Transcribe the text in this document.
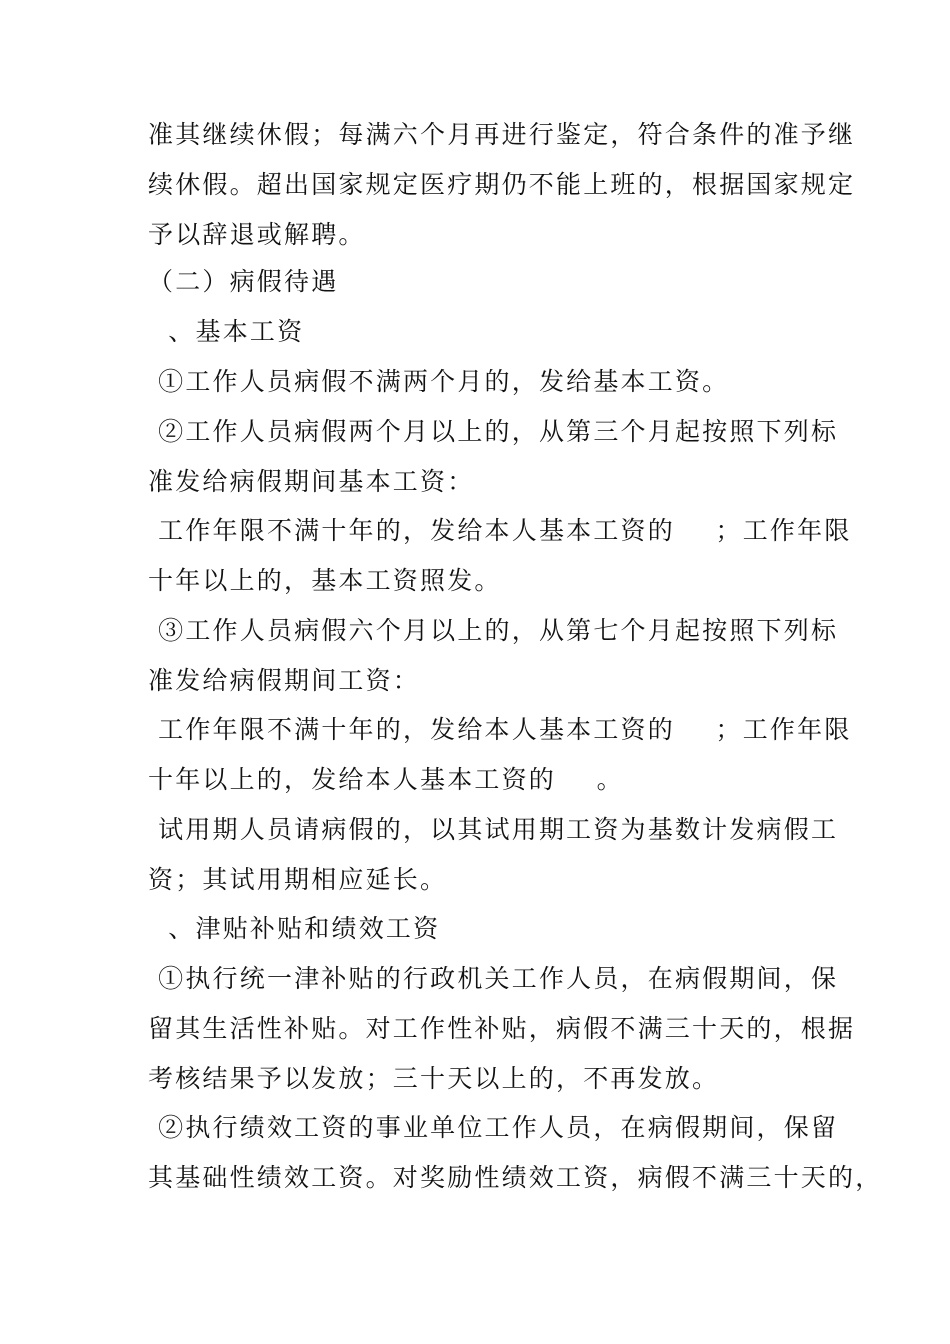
准其继续休假；每满六个月再进行鉴定，符合条件的准予继
续休假。超出国家规定医疗期仍不能上班的，根据国家规定
予以辞退或解聘。
（二）病假待遇
、基本工资
①工作人员病假不满两个月的，发给基本工资。
②工作人员病假两个月以上的，从第三个月起按照下列标
准发给病假期间基本工资：
工作年限不满十年的，发给本人基本工资的    ；工作年限
十年以上的，基本工资照发。
③工作人员病假六个月以上的，从第七个月起按照下列标
准发给病假期间工资：
工作年限不满十年的，发给本人基本工资的    ；工作年限
十年以上的，发给本人基本工资的    。
试用期人员请病假的，以其试用期工资为基数计发病假工
资；其试用期相应延长。
、津贴补贴和绩效工资
①执行统一津补贴的行政机关工作人员，在病假期间，保
留其生活性补贴。对工作性补贴，病假不满三十天的，根据
考核结果予以发放；三十天以上的，不再发放。
②执行绩效工资的事业单位工作人员，在病假期间，保留
其基础性绩效工资。对奖励性绩效工资，病假不满三十天的，
